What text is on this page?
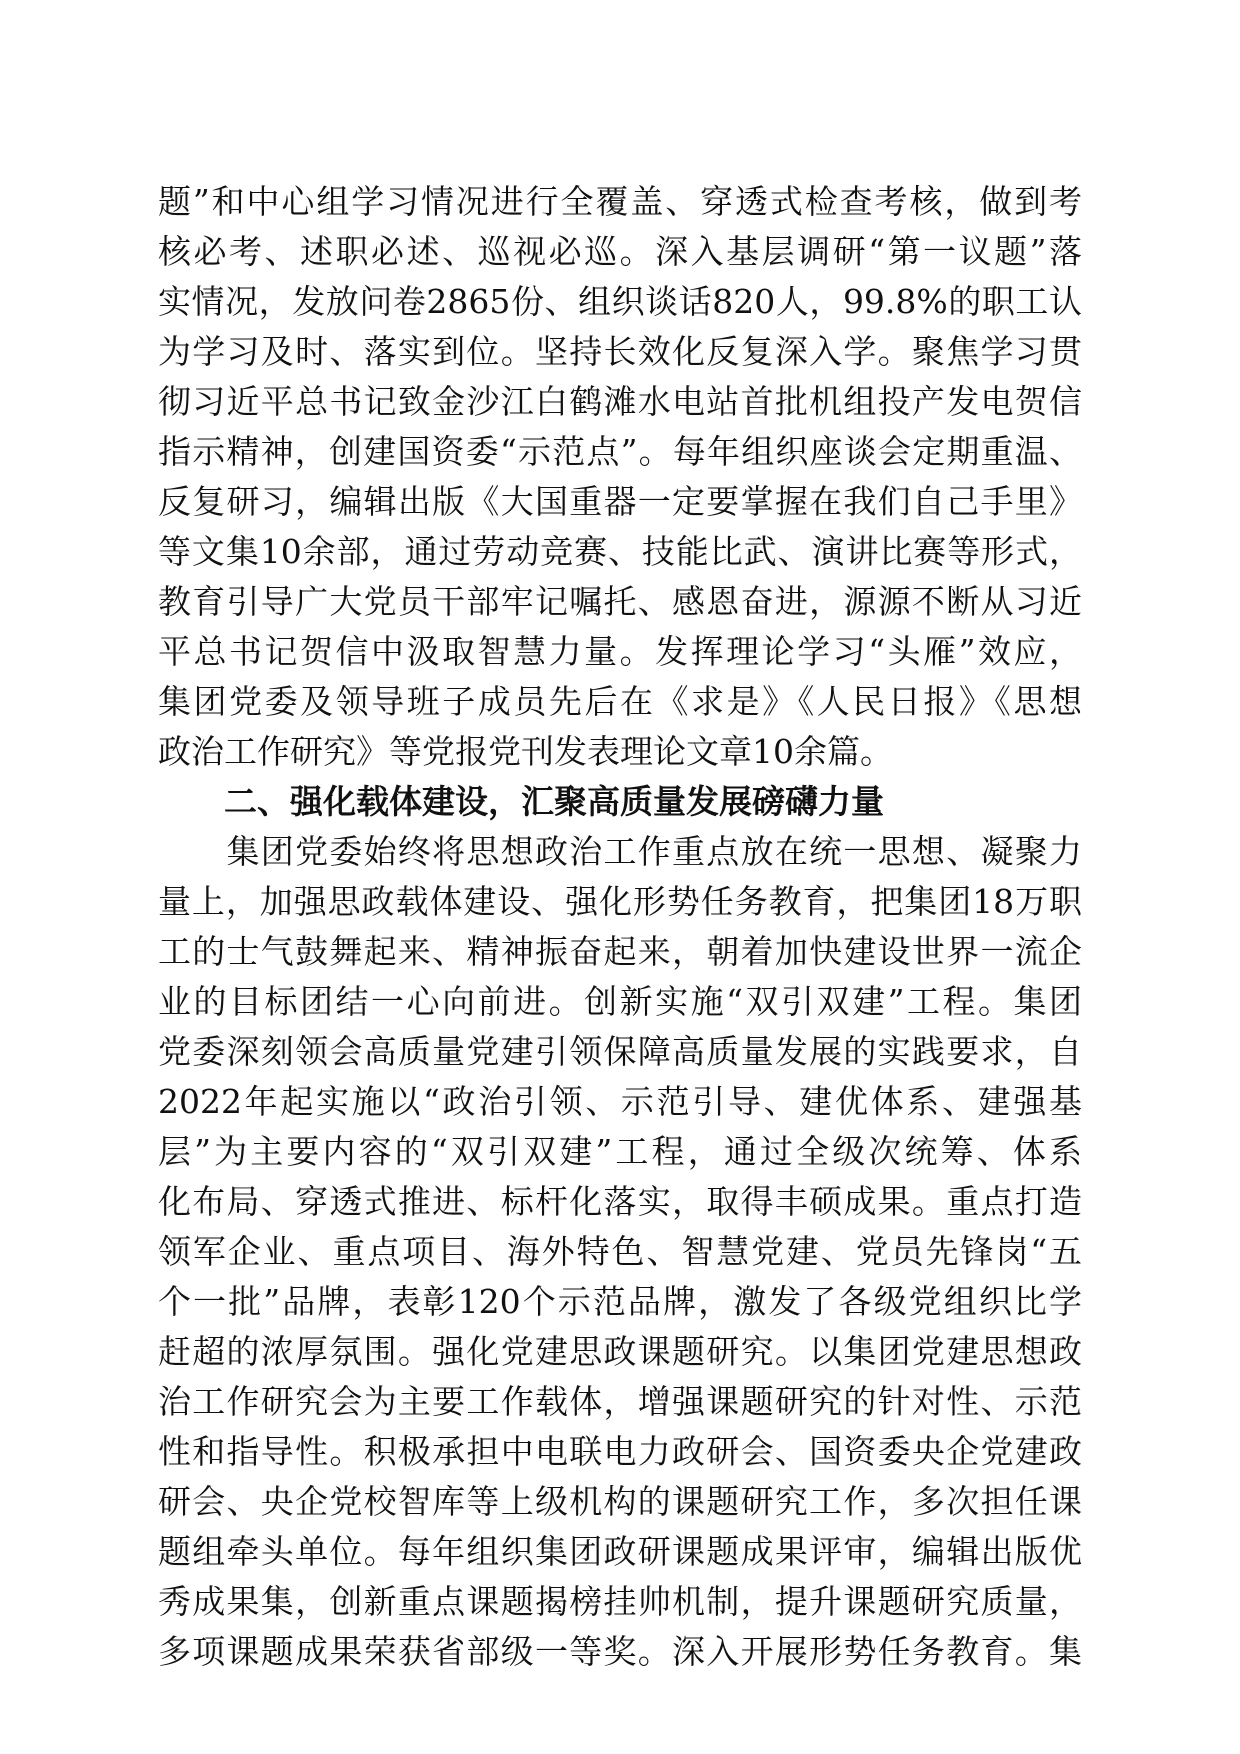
题”和中心组学习情况进行全覆盖、穿透式检查考核，做到考
核必考、述职必述、巡视必巡。深入基层调研“第一议题”落
实情况，发放问卷2865份、组织谈话820人，99.8%的职工认
为学习及时、落实到位。坚持长效化反复深入学。聚焦学习贯
彻习近平总书记致金沙江白鹤滩水电站首批机组投产发电贺信
指示精神，创建国资委“示范点”。每年组织座谈会定期重温、
反复研习，编辑出版《大国重器一定要掌握在我们自己手里》
等文集10余部，通过劳动竞赛、技能比武、演讲比赛等形式，
教育引导广大党员干部牢记嘱托、感恩奋进，源源不断从习近
平总书记贺信中汲取智慧力量。发挥理论学习“头雁”效应，
集团党委及领导班子成员先后在《求是》《人民日报》《思想
政治工作研究》等党报党刊发表理论文章10余篇。
二、强化载体建设，汇聚高质量发展磅礴力量
　　集团党委始终将思想政治工作重点放在统一思想、凝聚力
量上，加强思政载体建设、强化形势任务教育，把集团18万职
工的士气鼓舞起来、精神振奋起来，朝着加快建设世界一流企
业的目标团结一心向前进。创新实施“双引双建”工程。集团
党委深刻领会高质量党建引领保障高质量发展的实践要求，自
2022年起实施以“政治引领、示范引导、建优体系、建强基
层”为主要内容的“双引双建”工程，通过全级次统筹、体系
化布局、穿透式推进、标杆化落实，取得丰硕成果。重点打造
领军企业、重点项目、海外特色、智慧党建、党员先锋岗“五
个一批”品牌，表彰120个示范品牌，激发了各级党组织比学
赶超的浓厚氛围。强化党建思政课题研究。以集团党建思想政
治工作研究会为主要工作载体，增强课题研究的针对性、示范
性和指导性。积极承担中电联电力政研会、国资委央企党建政
研会、央企党校智库等上级机构的课题研究工作，多次担任课
题组牵头单位。每年组织集团政研课题成果评审，编辑出版优
秀成果集，创新重点课题揭榜挂帅机制，提升课题研究质量，
多项课题成果荣获省部级一等奖。深入开展形势任务教育。集
